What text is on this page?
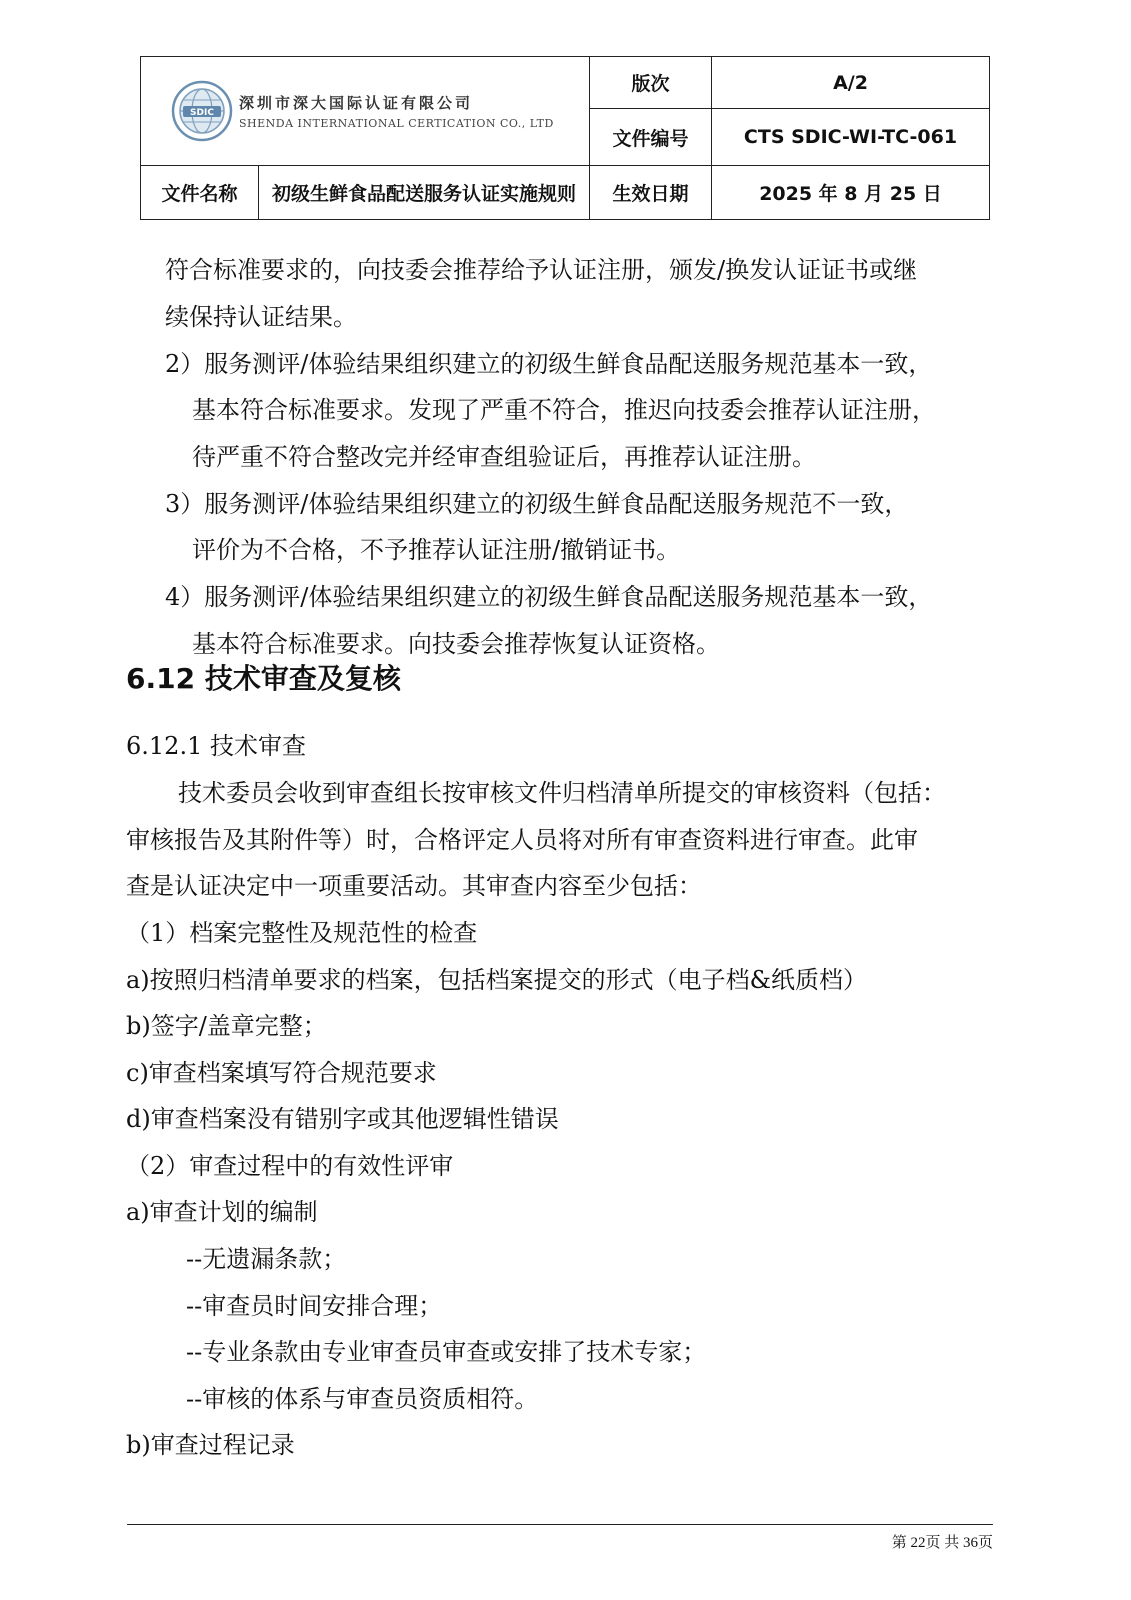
SDIC
深圳市深大国际认证有限公司
SHENDA INTERNATIONAL CERTICATION CO., LTD		版次	A/2
		文件编号	CTS SDIC-WI-TC-061
文件名称	初级生鲜食品配送服务认证实施规则	生效日期	2025 年 8 月 25 日
符合标准要求的，向技委会推荐给予认证注册，颁发/换发认证证书或继
续保持认证结果。
2）服务测评/体验结果组织建立的初级生鲜食品配送服务规范基本一致，
基本符合标准要求。发现了严重不符合，推迟向技委会推荐认证注册，
待严重不符合整改完并经审查组验证后，再推荐认证注册。
3）服务测评/体验结果组织建立的初级生鲜食品配送服务规范不一致，
评价为不合格，不予推荐认证注册/撤销证书。
4）服务测评/体验结果组织建立的初级生鲜食品配送服务规范基本一致，
基本符合标准要求。向技委会推荐恢复认证资格。
6.12 技术审查及复核
6.12.1 技术审查
技术委员会收到审查组长按审核文件归档清单所提交的审核资料（包括：
审核报告及其附件等）时，合格评定人员将对所有审查资料进行审查。此审
查是认证决定中一项重要活动。其审查内容至少包括：
（1）档案完整性及规范性的检查
a)按照归档清单要求的档案，包括档案提交的形式（电子档&纸质档）
b)签字/盖章完整；
c)审查档案填写符合规范要求
d)审查档案没有错别字或其他逻辑性错误
（2）审查过程中的有效性评审
a)审查计划的编制
--无遗漏条款；
--审查员时间安排合理；
--专业条款由专业审查员审查或安排了技术专家；
--审核的体系与审查员资质相符。
b)审查过程记录
第 22页 共 36页
